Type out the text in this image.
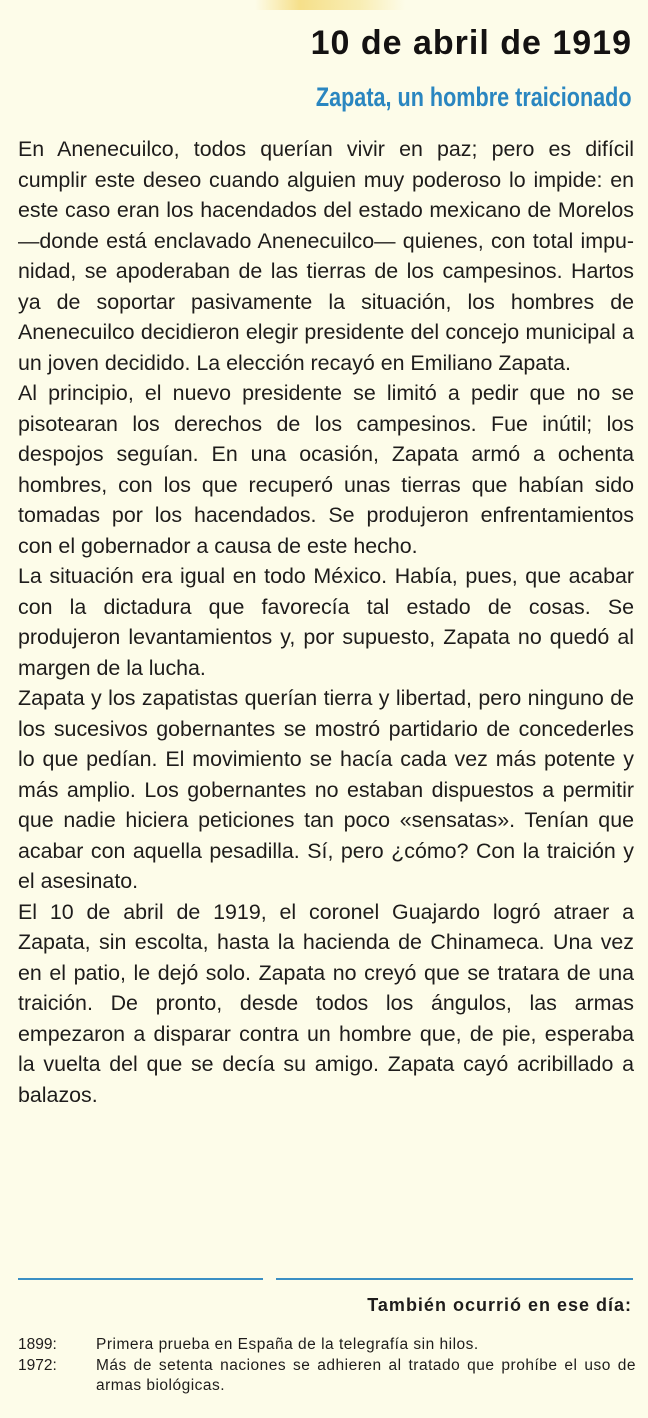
10 de abril de 1919
Zapata, un hombre traicionado

En Anenecuilco, todos querían vivir en paz; pero es difícil cumplir este deseo cuando alguien muy poderoso lo impide: en este caso eran los hacendados del estado mexicano de Morelos —donde está enclavado Anenecuilco— quienes, con total impunidad, se apoderaban de las tierras de los campesinos. Hartos ya de soportar pasivamente la situación, los hombres de Anenecuilco decidieron elegir presidente del concejo municipal a un joven decidido. La elección recayó en Emiliano Zapata.

Al principio, el nuevo presidente se limitó a pedir que no se pisotearan los derechos de los campesinos. Fue inútil; los despojos seguían. En una ocasión, Zapata armó a ochenta hombres, con los que recuperó unas tierras que habían sido tomadas por los hacendados. Se produjeron enfrentamientos con el gobernador a causa de este hecho.

La situación era igual en todo México. Había, pues, que acabar con la dictadura que favorecía tal estado de cosas. Se produjeron levantamientos y, por supuesto, Zapata no quedó al margen de la lucha.

Zapata y los zapatistas querían tierra y libertad, pero ninguno de los sucesivos gobernantes se mostró partidario de concederles lo que pedían. El movimiento se hacía cada vez más potente y más amplio. Los gobernantes no estaban dispuestos a permitir que nadie hiciera peticiones tan poco «sensatas». Tenían que acabar con aquella pesadilla. Sí, pero ¿cómo? Con la traición y el asesinato.

El 10 de abril de 1919, el coronel Guajardo logró atraer a Zapata, sin escolta, hasta la hacienda de Chinameca. Una vez en el patio, le dejó solo. Zapata no creyó que se tratara de una traición. De pronto, desde todos los ángulos, las armas empezaron a disparar contra un hombre que, de pie, esperaba la vuelta del que se decía su amigo. Zapata cayó acribillado a balazos.

También ocurrió en ese día:
1899:	Primera prueba en España de la telegrafía sin hilos.
1972:	Más de setenta naciones se adhieren al tratado que prohíbe el uso de armas biológicas.
